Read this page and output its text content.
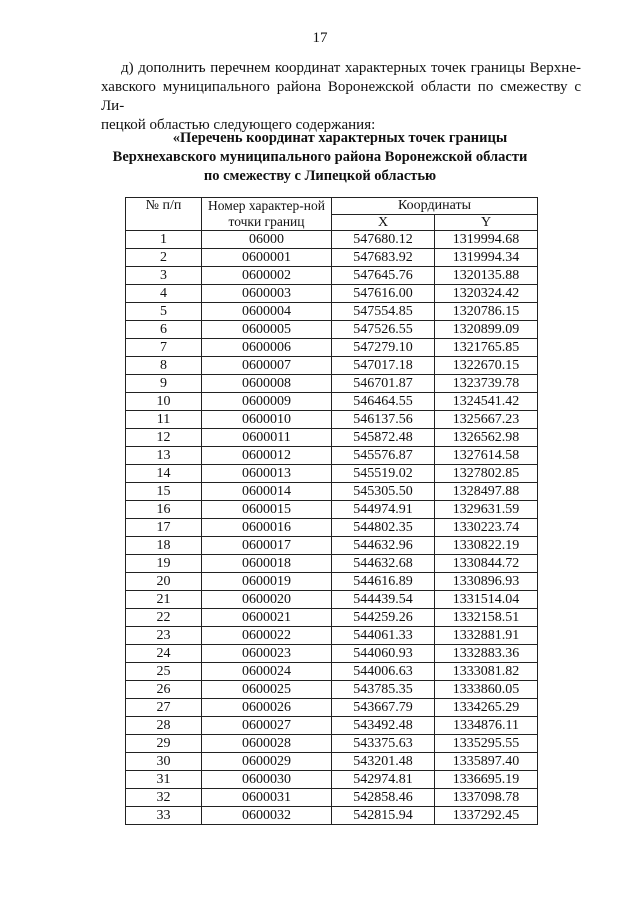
17

д) дополнить перечнем координат характерных точек границы Верхне-
хавского муниципального района Воронежской области по смежеству с Ли-
пецкой областью следующего содержания:

«Перечень координат характерных точек границы
Верхнехавского муниципального района Воронежской области
по смежеству с Липецкой областью
№ п/п	Номер характер-ной точки границ	Координаты	
		X	Y
1	06000	547680.12	1319994.68
2	0600001	547683.92	1319994.34
3	0600002	547645.76	1320135.88
4	0600003	547616.00	1320324.42
5	0600004	547554.85	1320786.15
6	0600005	547526.55	1320899.09
7	0600006	547279.10	1321765.85
8	0600007	547017.18	1322670.15
9	0600008	546701.87	1323739.78
10	0600009	546464.55	1324541.42
11	0600010	546137.56	1325667.23
12	0600011	545872.48	1326562.98
13	0600012	545576.87	1327614.58
14	0600013	545519.02	1327802.85
15	0600014	545305.50	1328497.88
16	0600015	544974.91	1329631.59
17	0600016	544802.35	1330223.74
18	0600017	544632.96	1330822.19
19	0600018	544632.68	1330844.72
20	0600019	544616.89	1330896.93
21	0600020	544439.54	1331514.04
22	0600021	544259.26	1332158.51
23	0600022	544061.33	1332881.91
24	0600023	544060.93	1332883.36
25	0600024	544006.63	1333081.82
26	0600025	543785.35	1333860.05
27	0600026	543667.79	1334265.29
28	0600027	543492.48	1334876.11
29	0600028	543375.63	1335295.55
30	0600029	543201.48	1335897.40
31	0600030	542974.81	1336695.19
32	0600031	542858.46	1337098.78
33	0600032	542815.94	1337292.45
